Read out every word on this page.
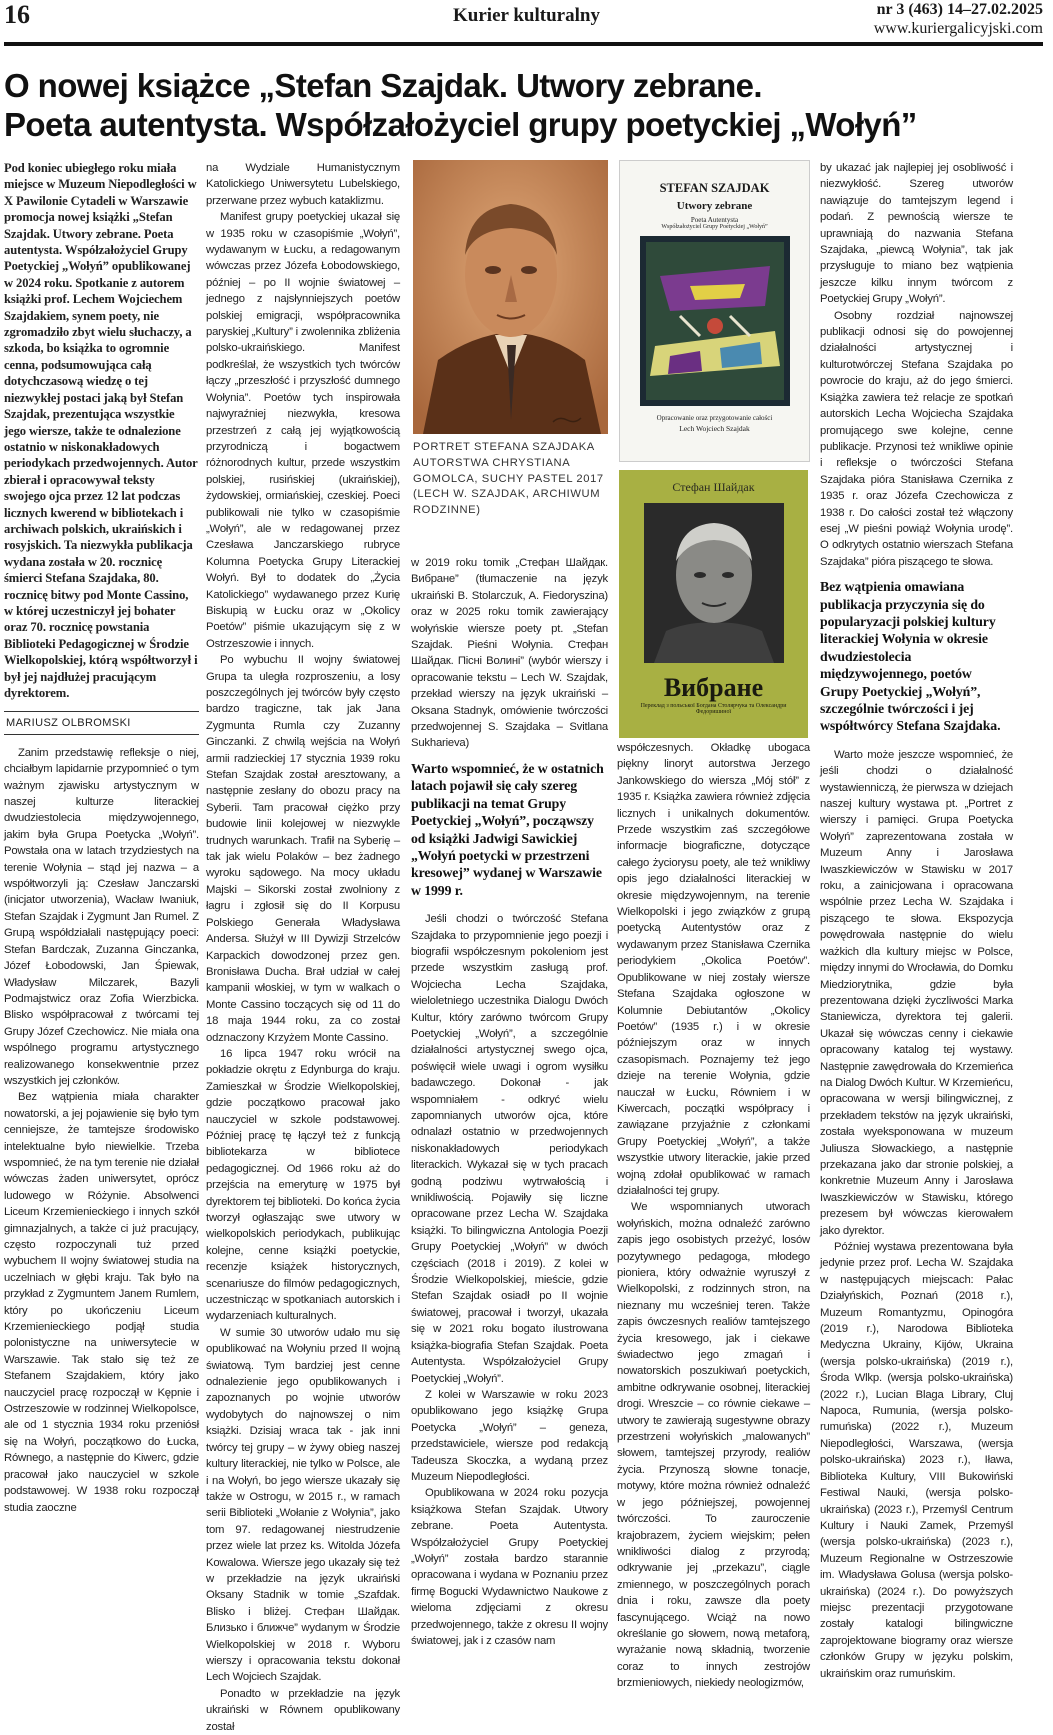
16	Kurier kulturalny	nr 3 (463) 14–27.02.2025
www.kuriergalicyjski.com
O nowej książce „Stefan Szajdak. Utwory zebrane.
Poeta autentysta. Współzałożyciel grupy poetyckiej „Wołyń”
Pod koniec ubiegłego roku miała miejsce w Muzeum Niepodległości w X Pawilonie Cytadeli w Warszawie promocja nowej książki „Stefan Szajdak. Utwory zebrane. Poeta autentysta. Współzałożyciel Grupy Poetyckiej „Wołyń” opublikowanej w 2024 roku. Spotkanie z autorem książki prof. Lechem Wojciechem Szajdakiem, synem poety, nie zgromadziło zbyt wielu słuchaczy, a szkoda, bo książka to ogromnie cenna, podsumowująca całą dotychczasową wiedzę o tej niezwykłej postaci jaką był Stefan Szajdak, prezentująca wszystkie jego wiersze, także te odnalezione ostatnio w niskonakładowych periodykach przedwojennych. Autor zbierał i opracowywał teksty swojego ojca przez 12 lat podczas licznych kwerend w bibliotekach i archiwach polskich, ukraińskich i rosyjskich. Ta niezwykła publikacja wydana została w 20. rocznicę śmierci Stefana Szajdaka, 80. rocznicę bitwy pod Monte Cassino, w której uczestniczył jej bohater oraz 70. rocznicę powstania Biblioteki Pedagogicznej w Środzie Wielkopolskiej, którą współtworzył i był jej najdłużej pracującym dyrektorem.
MARIUSZ OLBROMSKI

Zanim przedstawię refleksje o niej, chciałbym lapidarnie przypomnieć o tym ważnym zjawisku artystycznym w naszej kulturze literackiej dwudziestolecia międzywojennego, jakim była Grupa Poetycka „Wołyń”. Powstała ona w latach trzydziestych na terenie Wołynia – stąd jej nazwa – a współtworzyli ją: Czesław Janczarski (inicjator utworzenia), Wacław Iwaniuk, Stefan Szajdak i Zygmunt Jan Rumel. Z Grupą współdziałali następujący poeci: Stefan Bardczak, Zuzanna Ginczanka, Józef Łobodowski, Jan Śpiewak, Władysław Milczarek, Bazyli Podmajstwicz oraz Zofia Wierzbicka. Blisko współpracował z twórcami tej Grupy Józef Czechowicz. Nie miała ona wspólnego programu artystycznego realizowanego konsekwentnie przez wszystkich jej członków.

Bez wątpienia miała charakter nowatorski, a jej pojawienie się było tym cenniejsze, że tamtejsze środowisko intelektualne było niewielkie. Trzeba wspomnieć, że na tym terenie nie działał wówczas żaden uniwersytet, oprócz ludowego w Różynie. Absolwenci Liceum Krzemienieckiego i innych szkół gimnazjalnych, a także ci już pracujący, często rozpoczynali tuż przed wybuchem II wojny światowej studia na uczelniach w głębi kraju. Tak było na przykład z Zygmuntem Janem Rumlem, który po ukończeniu Liceum Krzemienieckiego podjął studia polonistyczne na uniwersytecie w Warszawie. Tak stało się też ze Stefanem Szajdakiem, który jako nauczyciel pracę rozpoczął w Kępnie i Ostrzeszowie w rodzinnej Wielkopolsce, ale od 1 stycznia 1934 roku przeniósł się na Wołyń, początkowo do Łucka, Równego, a następnie do Kiwerc, gdzie pracował jako nauczyciel w szkole podstawowej. W 1938 roku rozpoczął studia zaoczne

na Wydziale Humanistycznym Katolickiego Uniwersytetu Lubelskiego, przerwane przez wybuch kataklizmu.

Manifest grupy poetyckiej ukazał się w 1935 roku w czasopiśmie „Wołyń”, wydawanym w Łucku, a redagowanym wówczas przez Józefa Łobodowskiego, później – po II wojnie światowej – jednego z najsłynniejszych poetów polskiej emigracji, współpracownika paryskiej „Kultury” i zwolennika zbliżenia polsko-ukraińskiego. Manifest podkreślał, że wszystkich tych twórców łączy „przeszłość i przyszłość dumnego Wołynia”. Poetów tych inspirowała najwyraźniej niezwykła, kresowa przestrzeń z całą jej wyjątkowością przyrodniczą i bogactwem różnorodnych kultur, przede wszystkim polskiej, rusińskiej (ukraińskiej), żydowskiej, ormiańskiej, czeskiej. Poeci publikowali nie tylko w czasopiśmie „Wołyń”, ale w redagowanej przez Czesława Janczarskiego rubryce Kolumna Poetycka Grupy Literackiej Wołyń. Był to dodatek do „Życia Katolickiego” wydawanego przez Kurię Biskupią w Łucku oraz w „Okolicy Poetów” piśmie ukazującym się z w Ostrzeszowie i innych.

Po wybuchu II wojny światowej Grupa ta uległa rozproszeniu, a losy poszczególnych jej twórców były często bardzo tragiczne, tak jak Jana Zygmunta Rumla czy Zuzanny Ginczanki. Z chwilą wejścia na Wołyń armii radzieckiej 17 stycznia 1939 roku Stefan Szajdak został aresztowany, a następnie zesłany do obozu pracy na Syberii. Tam pracował ciężko przy budowie linii kolejowej w niezwykle trudnych warunkach. Trafił na Syberię – tak jak wielu Polaków – bez żadnego wyroku sądowego. Na mocy układu Majski – Sikorski został zwolniony z łagru i zgłosił się do II Korpusu Polskiego Generała Władysława Andersa. Służył w III Dywizji Strzelców Karpackich dowodzonej przez gen. Bronisława Ducha. Brał udział w całej kampanii włoskiej, w tym w walkach o Monte Cassino toczących się od 11 do 18 maja 1944 roku, za co został odznaczony Krzyżem Monte Cassino.

16 lipca 1947 roku wrócił na pokładzie okrętu z Edynburga do kraju. Zamieszkał w Środzie Wielkopolskiej, gdzie początkowo pracował jako nauczyciel w szkole podstawowej. Później pracę tę łączył też z funkcją bibliotekarza w bibliotece pedagogicznej. Od 1966 roku aż do przejścia na emeryturę w 1975 był dyrektorem tej biblioteki. Do końca życia tworzył ogłaszając swe utwory w wielkopolskich periodykach, publikując kolejne, cenne książki poetyckie, recenzje książek historycznych, scenariusze do filmów pedagogicznych, uczestnicząc w spotkaniach autorskich i wydarzeniach kulturalnych.

W sumie 30 utworów udało mu się opublikować na Wołyniu przed II wojną światową. Tym bardziej jest cenne odnalezienie jego opublikowanych i zapoznanych po wojnie utworów wydobytych do najnowszej o nim książki. Dzisiaj wraca tak - jak inni twórcy tej grupy – w żywy obieg naszej kultury literackiej, nie tylko w Polsce, ale i na Wołyń, bo jego wiersze ukazały się także w Ostrogu, w 2015 r., w ramach serii Biblioteki „Wołanie z Wołynia”, jako tom 97. redagowanej niestrudzenie przez wiele lat przez ks. Witolda Józefa Kowalowa. Wiersze jego ukazały się też w przekładzie na język ukraiński Oksany Stadnik w tomie „Szafdak. Blisko i bliżej. Стефан Шайдак. Близько і ближче” wydanym w Środzie Wielkopolskiej w 2018 r. Wyboru wierszy i opracowania tekstu dokonał Lech Wojciech Szajdak.

Ponadto w przekładzie na język ukraiński w Równem opublikowany został

PORTRET STEFANA SZAJDAKA AUTORSTWA CHRYSTIANA GOMOLCA, SUCHY PASTEL 2017 (LECH W. SZAJDAK, ARCHIWUM RODZINNE)

w 2019 roku tomik „Стефан Шайдак. Вибране” (tłumaczenie na język ukraiński B. Stolarczuk, A. Fiedoryszina) oraz w 2025 roku tomik zawierający wołyńskie wiersze poety pt. „Stefan Szajdak. Pieśni Wołynia. Стефан Шайдак. Пісні Волині” (wybór wierszy i opracowanie tekstu – Lech W. Szajdak, przekład wierszy na język ukraiński – Oksana Stadnyk, omówienie twórczości przedwojennej S. Szajdaka – Svitlana Sukharieva)

Warto wspomnieć, że w ostatnich latach pojawił się cały szereg publikacji na temat Grupy Poetyckiej „Wołyń”, począwszy od książki Jadwigi Sawickiej „Wołyń poetycki w przestrzeni kresowej” wydanej w Warszawie w 1999 r.

Jeśli chodzi o twórczość Stefana Szajdaka to przypomnienie jego poezji i biografii współczesnym pokoleniom jest przede wszystkim zasługą prof. Wojciecha Lecha Szajdaka, wieloletniego uczestnika Dialogu Dwóch Kultur, który zarówno twórcom Grupy Poetyckiej „Wołyń”, a szczególnie działalności artystycznej swego ojca, poświęcił wiele uwagi i ogrom wysiłku badawczego. Dokonał - jak wspomniałem - odkryć wielu zapomnianych utworów ojca, które odnalazł ostatnio w przedwojennych niskonakładowych periodykach literackich. Wykazał się w tych pracach godną podziwu wytrwałością i wnikliwością. Pojawiły się liczne opracowane przez Lecha W. Szajdaka książki. To bilingwiczna Antologia Poezji Grupy Poetyckiej „Wołyń” w dwóch częściach (2018 i 2019). Z kolei w Środzie Wielkopolskiej, mieście, gdzie Stefan Szajdak osiadł po II wojnie światowej, pracował i tworzył, ukazała się w 2021 roku bogato ilustrowana książka-biografia Stefan Szajdak. Poeta Autentysta. Współzałożyciel Grupy Poetyckiej „Wołyń”.

Z kolei w Warszawie w roku 2023 opublikowano jego książkę Grupa Poetycka „Wołyń” – geneza, przedstawiciele, wiersze pod redakcją Tadeusza Skoczka, a wydaną przez Muzeum Niepodległości.

Opublikowana w 2024 roku pozycja książkowa Stefan Szajdak. Utwory zebrane. Poeta Autentysta. Współzałożyciel Grupy Poetyckiej „Wołyń” została bardzo starannie opracowana i wydana w Poznaniu przez firmę Bogucki Wydawnictwo Naukowe z wieloma zdjęciami z okresu przedwojennego, także z okresu II wojny światowej, jak i z czasów nam

STEFAN SZAJDAK
Utwory zebrane
Poeta Autentysta
Współzałożyciel Grupy Poetyckiej „Wołyń”
Opracowanie oraz przygotowanie całości
Lech Wojciech Szajdak
Стефан Шайдак
Вибране
Переклад з польської Богдана Столярчука та Олександри Федоришиної

współczesnych. Okładkę ubogaca piękny linoryt autorstwa Jerzego Jankowskiego do wiersza „Mój stół” z 1935 r. Książka zawiera również zdjęcia licznych i unikalnych dokumentów. Przede wszystkim zaś szczegółowe informacje biograficzne, dotyczące całego życiorysu poety, ale też wnikliwy opis jego działalności literackiej w okresie międzywojennym, na terenie Wielkopolski i jego związków z grupą poetycką Autentystów oraz z wydawanym przez Stanisława Czernika periodykiem „Okolica Poetów”. Opublikowane w niej zostały wiersze Stefana Szajdaka ogłoszone w Kolumnie Debiutantów „Okolicy Poetów” (1935 r.) i w okresie późniejszym oraz w innych czasopismach. Poznajemy też jego dzieje na terenie Wołynia, gdzie nauczał w Łucku, Równiem i w Kiwercach, początki współpracy i zawiązane przyjaźnie z członkami Grupy Poetyckiej „Wołyń”, a także wszystkie utwory literackie, jakie przed wojną zdołał opublikować w ramach działalności tej grupy.

We wspomnianych utworach wołyńskich, można odnaleźć zarówno zapis jego osobistych przeżyć, losów pozytywnego pedagoga, młodego pioniera, który odważnie wyruszył z Wielkopolski, z rodzinnych stron, na nieznany mu wcześniej teren. Także zapis ówczesnych realiów tamtejszego życia kresowego, jak i ciekawe świadectwo jego zmagań i nowatorskich poszukiwań poetyckich, ambitne odkrywanie osobnej, literackiej drogi. Wreszcie – co równie ciekawe – utwory te zawierają sugestywne obrazy przestrzeni wołyńskich „malowanych” słowem, tamtejszej przyrody, realiów życia. Przynoszą słowne tonacje, motywy, które można również odnaleźć w jego późniejszej, powojennej twórczości. To zauroczenie krajobrazem, życiem wiejskim; pełen wnikliwości dialog z przyrodą; odkrywanie jej „przekazu”, ciągle zmiennego, w poszczególnych porach dnia i roku, zawsze dla poety fascynującego. Wciąż na nowo określanie go słowem, nową metaforą, wyrażanie nową składnią, tworzenie coraz to innych zestrojów brzmieniowych, niekiedy neologizmów,

by ukazać jak najlepiej jej osobliwość i niezwykłość. Szereg utworów nawiązuje do tamtejszym legend i podań. Z pewnością wiersze te uprawniają do nazwania Stefana Szajdaka, „piewcą Wołynia”, tak jak przysługuje to miano bez wątpienia jeszcze kilku innym twórcom z Poetyckiej Grupy „Wołyń”.

Osobny rozdział najnowszej publikacji odnosi się do powojennej działalności artystycznej i kulturotwórczej Stefana Szajdaka po powrocie do kraju, aż do jego śmierci. Książka zawiera też relacje ze spotkań autorskich Lecha Wojciecha Szajdaka promującego swe kolejne, cenne publikacje. Przynosi też wnikliwe opinie i refleksje o twórczości Stefana Szajdaka pióra Stanisława Czernika z 1935 r. oraz Józefa Czechowicza z 1938 r. Do całości został też włączony esej „W pieśni powiąż Wołynia urodę”. O odkrytych ostatnio wierszach Stefana Szajdaka” pióra piszącego te słowa.

Bez wątpienia omawiana publikacja przyczynia się do popularyzacji polskiej kultury literackiej Wołynia w okresie dwudziestolecia międzywojennego, poetów Grupy Poetyckiej „Wołyń”, szczególnie twórczości i jej współtwórcy Stefana Szajdaka.

Warto może jeszcze wspomnieć, że jeśli chodzi o działalność wystawienniczą, że pierwsza w dziejach naszej kultury wystawa pt. „Portret z wierszy i pamięci. Grupa Poetycka Wołyń” zaprezentowana została w Muzeum Anny i Jarosława Iwaszkiewiczów w Stawisku w 2017 roku, a zainicjowana i opracowana wspólnie przez Lecha W. Szajdaka i piszącego te słowa. Ekspozycja powędrowała następnie do wielu ważkich dla kultury miejsc w Polsce, między innymi do Wrocławia, do Domku Miedziorytnika, gdzie była prezentowana dzięki życzliwości Marka Staniewicza, dyrektora tej galerii. Ukazał się wówczas cenny i ciekawie opracowany katalog tej wystawy. Następnie zawędrowała do Krzemieńca na Dialog Dwóch Kultur. W Krzemieńcu, opracowana w wersji bilingwicznej, z przekładem tekstów na język ukraiński, została wyeksponowana w muzeum Juliusza Słowackiego, a następnie przekazana jako dar stronie polskiej, a konkretnie Muzeum Anny i Jarosława Iwaszkiewiczów w Stawisku, którego prezesem był wówczas kierowałem jako dyrektor.

Później wystawa prezentowana była jedynie przez prof. Lecha W. Szajdaka w następujących miejscach: Pałac Działyńskich, Poznań (2018 r.), Muzeum Romantyzmu, Opinogóra (2019 r.), Narodowa Biblioteka Medyczna Ukrainy, Kijów, Ukraina (wersja polsko-ukraińska) (2019 r.), Środa Wlkp. (wersja polsko-ukraińska) (2022 r.), Lucian Blaga Library, Cluj Napoca, Rumunia, (wersja polsko-rumuńska) (2022 r.), Muzeum Niepodległości, Warszawa, (wersja polsko-ukraińska) 2023 r.), Iława, Biblioteka Kultury, VIII Bukowiński Festiwal Nauki, (wersja polsko-ukraińska) (2023 r.), Przemyśl Centrum Kultury i Nauki Zamek, Przemyśl (wersja polsko-ukraińska) (2023 r.), Muzeum Regionalne w Ostrzeszowie im. Władysława Golusa (wersja polsko-ukraińska) (2024 r.). Do powyższych miejsc prezentacji przygotowane zostały katalogi bilingwiczne zaprojektowane biogramy oraz wiersze członków Grupy w języku polskim, ukraińskim oraz rumuńskim.
